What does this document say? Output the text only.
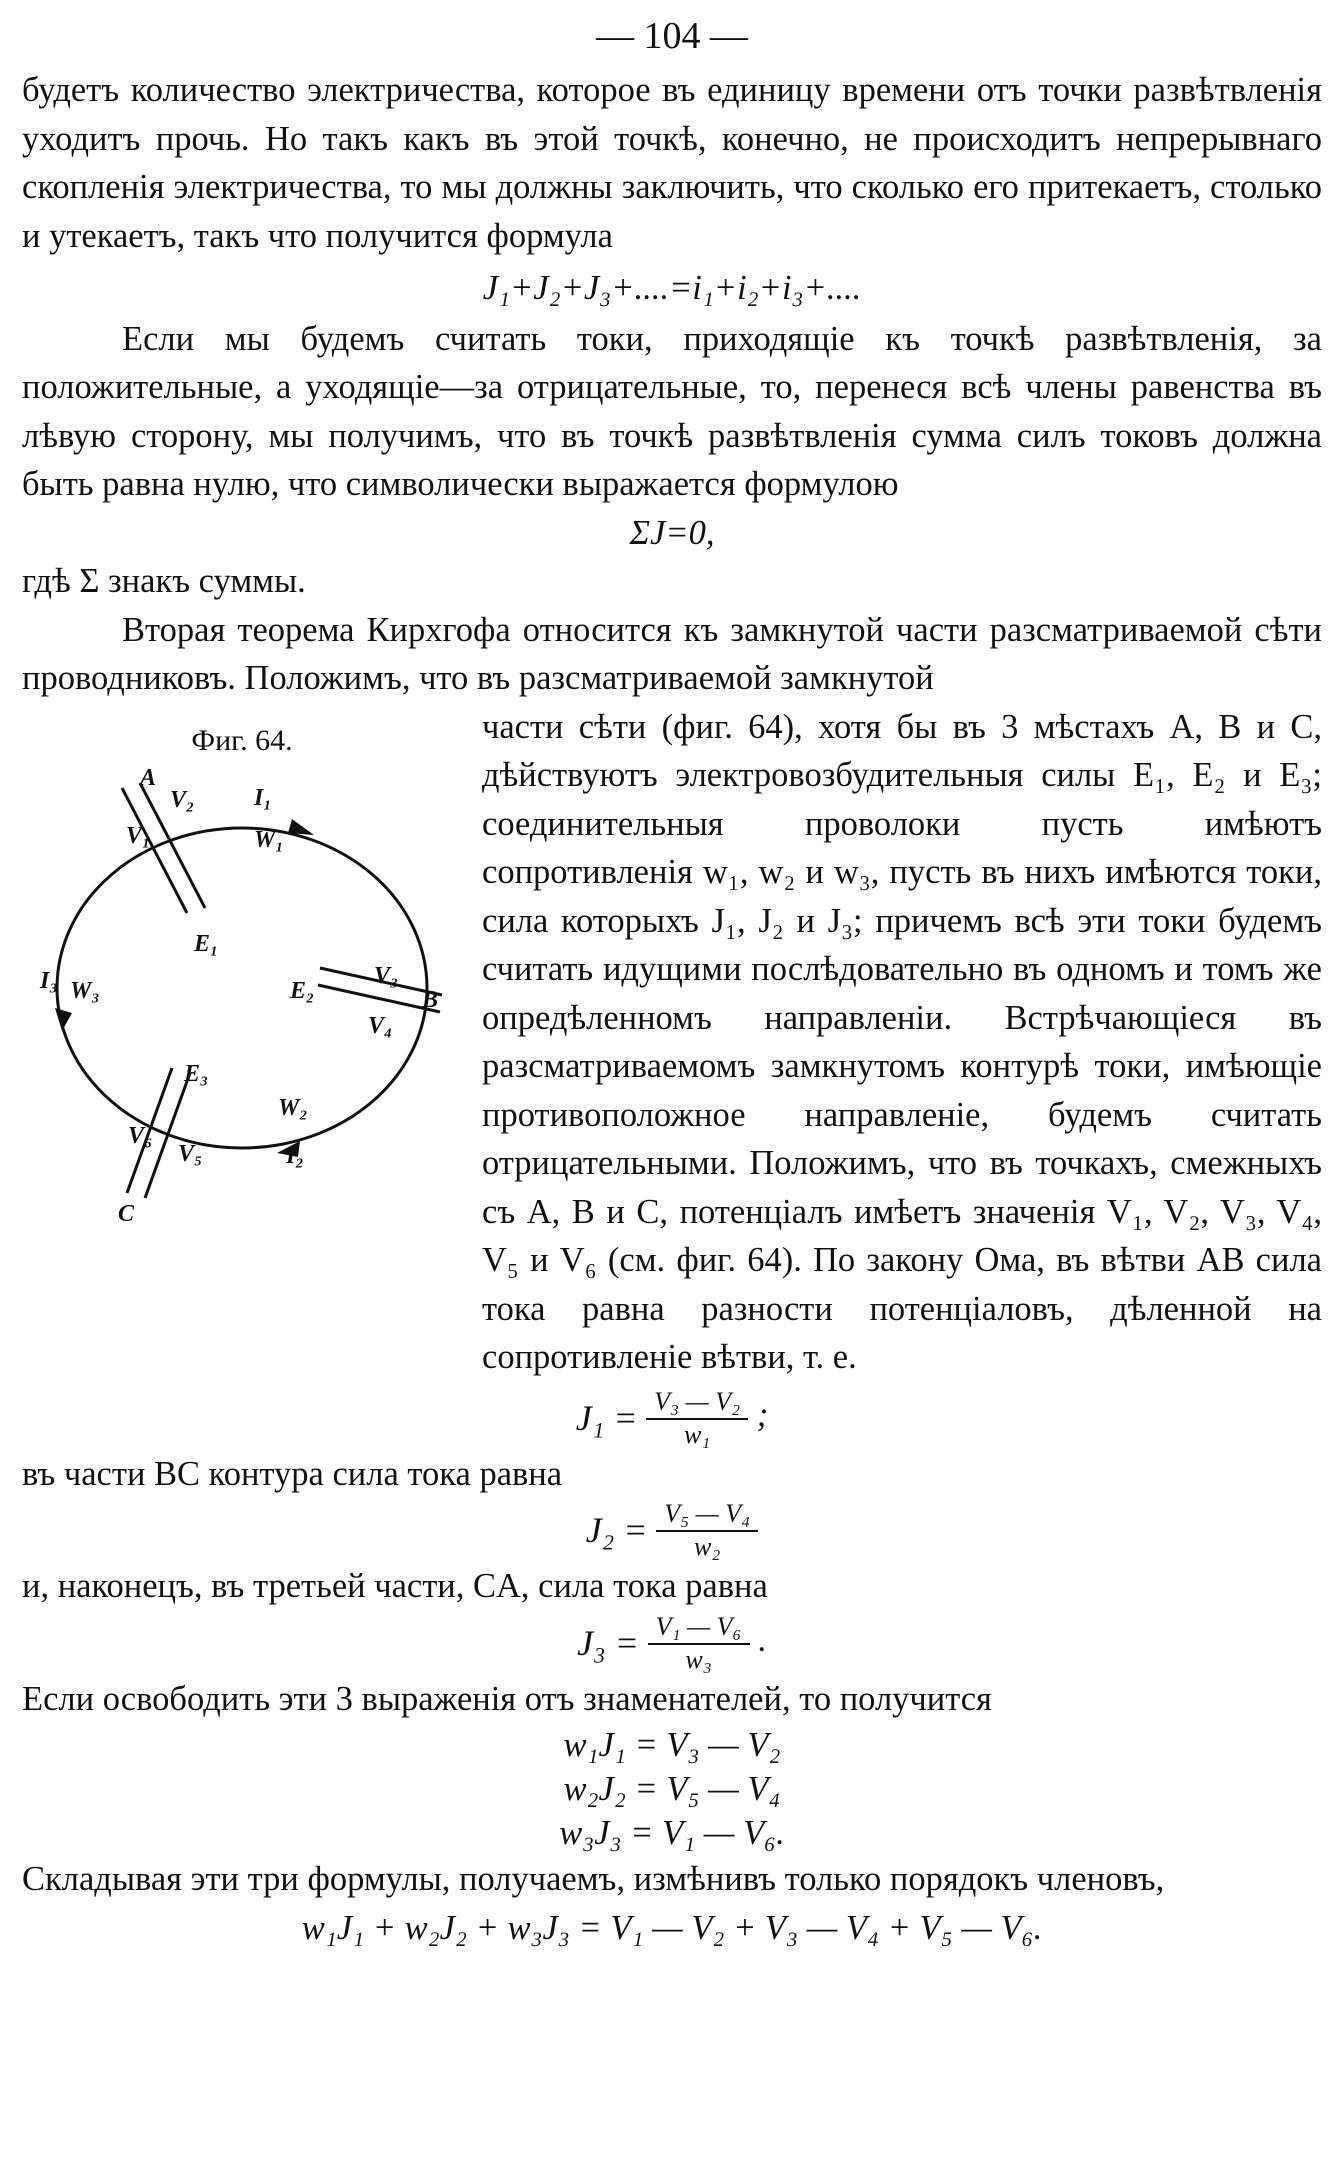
— 104 —

будетъ количество электричества, которое въ единицу времени отъ точки развѣтвленія уходитъ прочь. Но такъ какъ въ этой точкѣ, конечно, не происходитъ непрерывнаго скопленія электричества, то мы должны заключить, что сколько его притекаетъ, столько и утекаетъ, такъ что получится формула

J₁+J₂+J₃+....=i₁+i₂+i₃+....

Если мы будемъ считать токи, приходящіе къ точкѣ развѣтвленія, за положительные, а уходящіе—за отрицательные, то, перенеся всѣ члены равенства въ лѣвую сторону, мы получимъ, что въ точкѣ развѣтвленія сумма силъ токовъ должна быть равна нулю, что символически выражается формулою

ΣJ=0,

гдѣ Σ знакъ суммы.

Вторая теорема Кирхгофа относится къ замкнутой части разсматриваемой сѣти проводниковъ. Положимъ, что въ разсматриваемой замкнутой

Фиг. 64.
A
V₂
V₁
I₁
W₁
E₁
I₃ W₃	E₂
V₃
B
V₄
E₃
W₂
I₂
V₆
V₅
C

части сѣти (фиг. 64), хотя бы въ 3 мѣстахъ A, B и C, дѣйствуютъ электровозбудительныя силы E₁, E₂ и E₃; соединительныя проволоки пусть имѣютъ сопротивленія w₁, w₂ и w₃, пусть въ нихъ имѣются токи, сила которыхъ J₁, J₂ и J₃; причемъ всѣ эти токи будемъ считать идущими послѣдовательно въ одномъ и томъ же опредѣленномъ направленіи. Встрѣчающіеся въ разсматриваемомъ замкнутомъ контурѣ токи, имѣющіе противоположное направленіе, будемъ считать отрицательными. Положимъ, что въ точкахъ, смежныхъ съ A, B и C, потенціалъ имѣетъ значенія V₁, V₂, V₃, V₄, V₅ и V₆ (см. фиг. 64). По закону Ома, въ вѣтви AB сила тока равна разности потенціаловъ, дѣленной на сопротивленіе вѣтви, т. е.

$J_1 = \frac{\text{V₃ — V₂}}{\text{w₁}}$ ;

въ части BC контура сила тока равна

$J_2 = \frac{\text{V₅ — V₄}}{\text{w₂}}$

и, наконецъ, въ третьей части, CA, сила тока равна

$J_3 = \frac{\text{V₁ — V₆}}{\text{w₃}}$ .

Если освободить эти 3 выраженія отъ знаменателей, то получится

w₁J₁ = V₃ — V₂

w₂J₂ = V₅ — V₄

w₃J₃ = V₁ — V₆.

Складывая эти три формулы, получаемъ, измѣнивъ только порядокъ членовъ,

w₁J₁ + w₂J₂ + w₃J₃ = V₁ — V₂ + V₃ — V₄ + V₅ — V₆.
